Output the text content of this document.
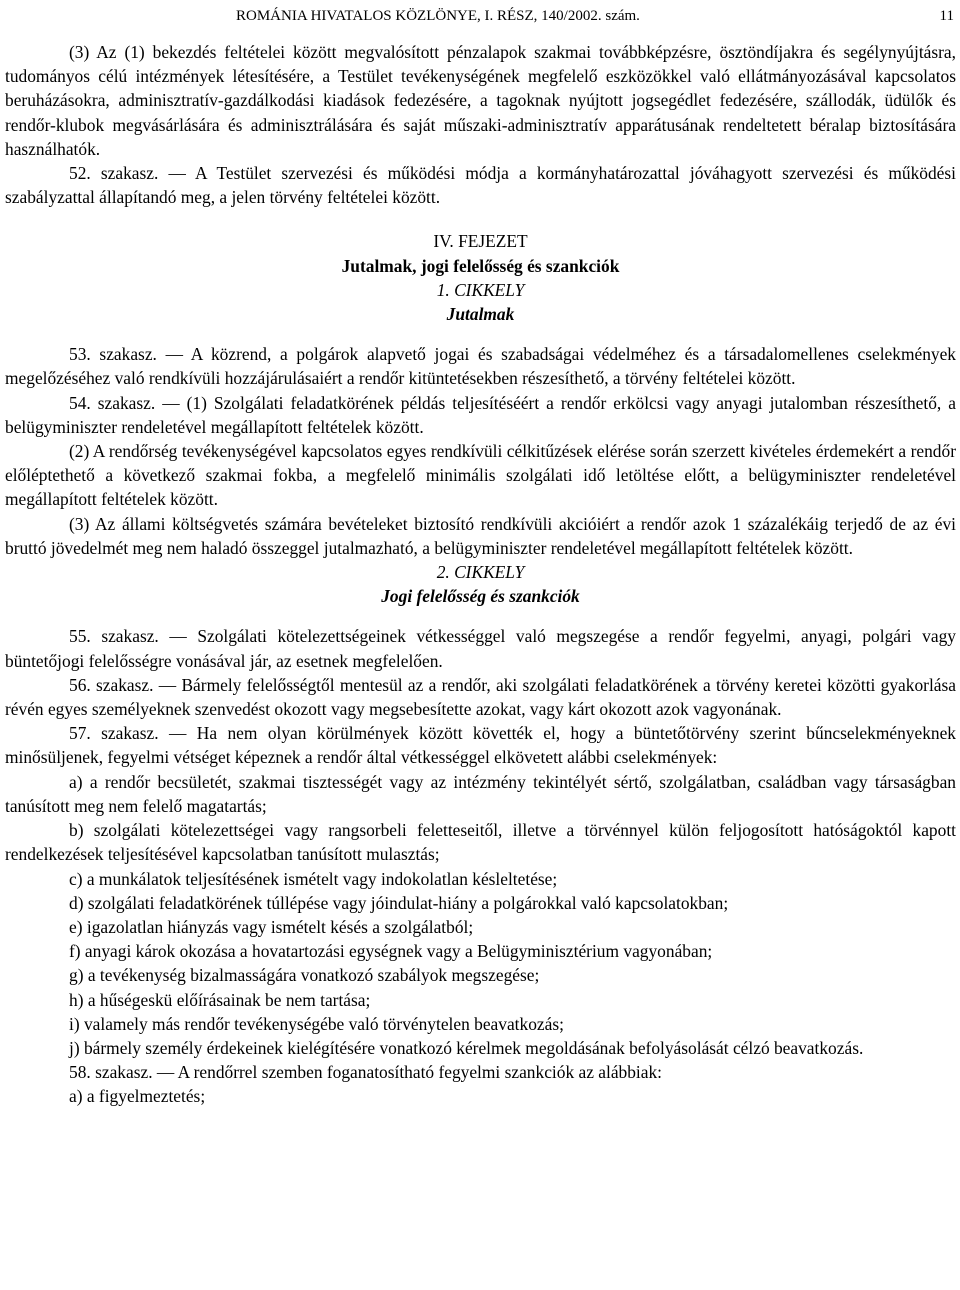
ROMÁNIA HIVATALOS KÖZLÖNYE, I. RÉSZ, 140/2002. szám.	11

(3) Az (1) bekezdés feltételei között megvalósított pénzalapok szakmai továbbképzésre, ösztöndíjakra és segélynyújtásra, tudományos célú intézmények létesítésére, a Testület tevékenységének megfelelő eszközökkel való ellátmányozásával kapcsolatos beruházásokra, adminisztratív-gazdálkodási kiadások fedezésére, a tagoknak nyújtott jogsegédlet fedezésére, szállodák, üdülők és rendőr-klubok megvásárlására és adminisztrálására és saját műszaki-adminisztratív apparátusának rendeltetett béralap biztosítására használhatók.

52. szakasz. — A Testület szervezési és működési módja a kormányhatározattal jóváhagyott szervezési és működési szabályzattal állapítandó meg, a jelen törvény feltételei között.

IV. FEJEZET

Jutalmak, jogi felelősség és szankciók

1. CIKKELY

Jutalmak

53. szakasz. — A közrend, a polgárok alapvető jogai és szabadságai védelméhez és a társadalomellenes cselekmények megelőzéséhez való rendkívüli hozzájárulásaiért a rendőr kitüntetésekben részesíthető, a törvény feltételei között.

54. szakasz. — (1) Szolgálati feladatkörének példás teljesítéséért a rendőr erkölcsi vagy anyagi jutalomban részesíthető, a belügyminiszter rendeletével megállapított feltételek között.

(2) A rendőrség tevékenységével kapcsolatos egyes rendkívüli célkitűzések elérése során szerzett kivételes érdemekért a rendőr előléptethető a következő szakmai fokba, a megfelelő minimális szolgálati idő letöltése előtt, a belügyminiszter rendeletével megállapított feltételek között.

(3) Az állami költségvetés számára bevételeket biztosító rendkívüli akcióiért a rendőr azok 1 százalékáig terjedő de az évi bruttó jövedelmét meg nem haladó összeggel jutalmazható, a belügyminiszter rendeletével megállapított feltételek között.

2. CIKKELY

Jogi felelősség és szankciók

55. szakasz. — Szolgálati kötelezettségeinek vétkességgel való megszegése a rendőr fegyelmi, anyagi, polgári vagy büntetőjogi felelősségre vonásával jár, az esetnek megfelelően.

56. szakasz. — Bármely felelősségtől mentesül az a rendőr, aki szolgálati feladatkörének a törvény keretei közötti gyakorlása révén egyes személyeknek szenvedést okozott vagy megsebesítette azokat, vagy kárt okozott azok vagyonának.

57. szakasz. — Ha nem olyan körülmények között követték el, hogy a büntetőtörvény szerint bűncselekményeknek minősüljenek, fegyelmi vétséget képeznek a rendőr által vétkességgel elkövetett alábbi cselekmények:

a) a rendőr becsületét, szakmai tisztességét vagy az intézmény tekintélyét sértő, szolgálatban, családban vagy társaságban tanúsított meg nem felelő magatartás;

b) szolgálati kötelezettségei vagy rangsorbeli feletteseitől, illetve a törvénnyel külön feljogosított hatóságoktól kapott rendelkezések teljesítésével kapcsolatban tanúsított mulasztás;

c) a munkálatok teljesítésének ismételt vagy indokolatlan késleltetése;

d) szolgálati feladatkörének túllépése vagy jóindulat-hiány a polgárokkal való kapcsolatokban;

e) igazolatlan hiányzás vagy ismételt késés a szolgálatból;

f) anyagi károk okozása a hovatartozási egységnek vagy a Belügyminisztérium vagyonában;

g) a tevékenység bizalmasságára vonatkozó szabályok megszegése;

h) a hűségeskü előírásainak be nem tartása;

i) valamely más rendőr tevékenységébe való törvénytelen beavatkozás;

j) bármely személy érdekeinek kielégítésére vonatkozó kérelmek megoldásának befolyásolását célzó beavatkozás.

58. szakasz. — A rendőrrel szemben foganatosítható fegyelmi szankciók az alábbiak:

a) a figyelmeztetés;
